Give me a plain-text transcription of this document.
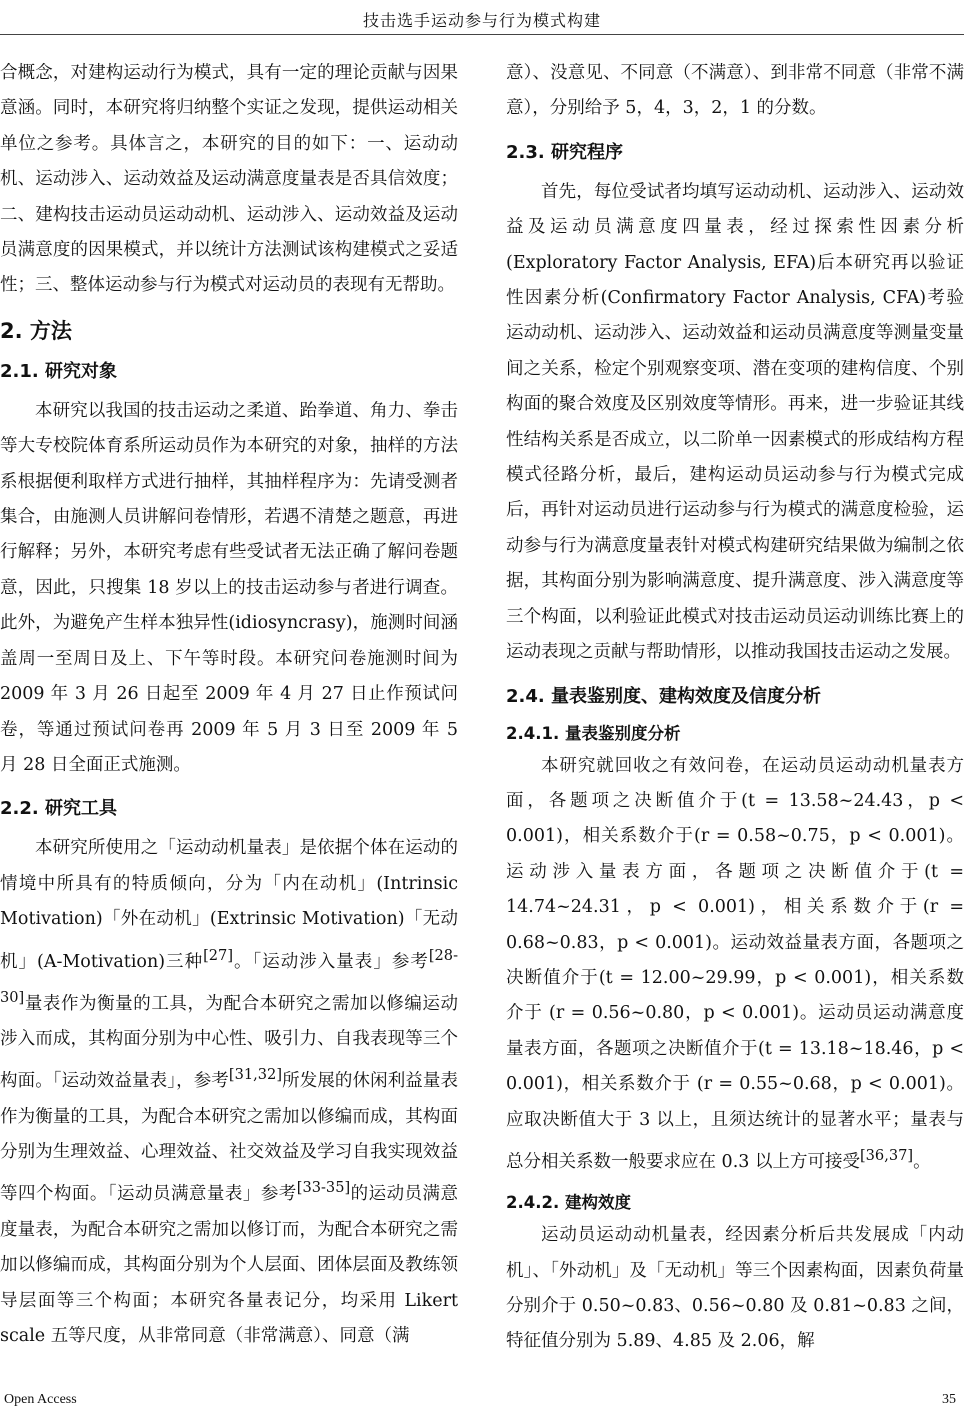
技击选手运动参与行为模式构建

合概念，对建构运动行为模式，具有一定的理论贡献与因果意涵。同时，本研究将归纳整个实证之发现，提供运动相关单位之参考。具体言之，本研究的目的如下：一、运动动机、运动涉入、运动效益及运动满意度量表是否具信效度；二、建构技击运动员运动动机、运动涉入、运动效益及运动员满意度的因果模式，并以统计方法测试该构建模式之妥适性；三、整体运动参与行为模式对运动员的表现有无帮助。

2. 方法
2.1. 研究对象

本研究以我国的技击运动之柔道、跆拳道、角力、拳击等大专校院体育系所运动员作为本研究的对象，抽样的方法系根据便利取样方式进行抽样，其抽样程序为：先请受测者集合，由施测人员讲解问卷情形，若遇不清楚之题意，再进行解释；另外，本研究考虑有些受试者无法正确了解问卷题意，因此，只搜集 18 岁以上的技击运动参与者进行调查。此外，为避免产生样本独异性(idiosyncrasy)，施测时间涵盖周一至周日及上、下午等时段。本研究问卷施测时间为 2009 年 3 月 26 日起至 2009 年 4 月 27 日止作预试问卷，等通过预试问卷再 2009 年 5 月 3 日至 2009 年 5 月 28 日全面正式施测。

2.2. 研究工具

本研究所使用之「运动动机量表」是依据个体在运动的情境中所具有的特质倾向，分为「内在动机」(Intrinsic Motivation)「外在动机」(Extrinsic Motivation)「无动机」(A-Motivation)三种[27]。「运动涉入量表」参考[28-30]量表作为衡量的工具，为配合本研究之需加以修编运动涉入而成，其构面分别为中心性、吸引力、自我表现等三个构面。「运动效益量表」，参考[31,32]所发展的休闲利益量表作为衡量的工具，为配合本研究之需加以修编而成，其构面分别为生理效益、心理效益、社交效益及学习自我实现效益等四个构面。「运动员满意量表」参考[33-35]的运动员满意度量表，为配合本研究之需加以修订而，为配合本研究之需加以修编而成，其构面分别为个人层面、团体层面及教练领导层面等三个构面；本研究各量表记分，均采用 Likert scale 五等尺度，从非常同意（非常满意）、同意（满

意）、没意见、不同意（不满意）、到非常不同意（非常不满意），分别给予 5，4，3，2，1 的分数。

2.3. 研究程序

首先，每位受试者均填写运动动机、运动涉入、运动效益及运动员满意度四量表，经过探索性因素分析(Exploratory Factor Analysis, EFA)后本研究再以验证性因素分析(Confirmatory Factor Analysis, CFA)考验运动动机、运动涉入、运动效益和运动员满意度等测量变量间之关系，检定个别观察变项、潜在变项的建构信度、个别构面的聚合效度及区别效度等情形。再来，进一步验证其线性结构关系是否成立，以二阶单一因素模式的形成结构方程模式径路分析，最后，建构运动员运动参与行为模式完成后，再针对运动员进行运动参与行为模式的满意度检验，运动参与行为满意度量表针对模式构建研究结果做为编制之依据，其构面分别为影响满意度、提升满意度、涉入满意度等三个构面，以利验证此模式对技击运动员运动训练比赛上的运动表现之贡献与帮助情形，以推动我国技击运动之发展。

2.4. 量表鉴别度、建构效度及信度分析
2.4.1. 量表鉴别度分析

本研究就回收之有效问卷，在运动员运动动机量表方面，各题项之决断值介于(t = 13.58~24.43，p < 0.001)，相关系数介于(r = 0.58~0.75，p < 0.001)。运动涉入量表方面，各题项之决断值介于(t = 14.74~24.31，p < 0.001)，相关系数介于(r = 0.68~0.83，p < 0.001)。运动效益量表方面，各题项之决断值介于(t = 12.00~29.99，p < 0.001)，相关系数介于 (r = 0.56~0.80，p < 0.001)。运动员运动满意度量表方面，各题项之决断值介于(t = 13.18~18.46，p < 0.001)，相关系数介于 (r = 0.55~0.68，p < 0.001)。应取决断值大于 3 以上，且须达统计的显著水平；量表与总分相关系数一般要求应在 0.3 以上方可接受[36,37]。

2.4.2. 建构效度

运动员运动动机量表，经因素分析后共发展成「内动机」、「外动机」及「无动机」等三个因素构面，因素负荷量分别介于 0.50~0.83、0.56~0.80 及 0.81~0.83 之间，特征值分别为 5.89、4.85 及 2.06，解

Open Access	35
